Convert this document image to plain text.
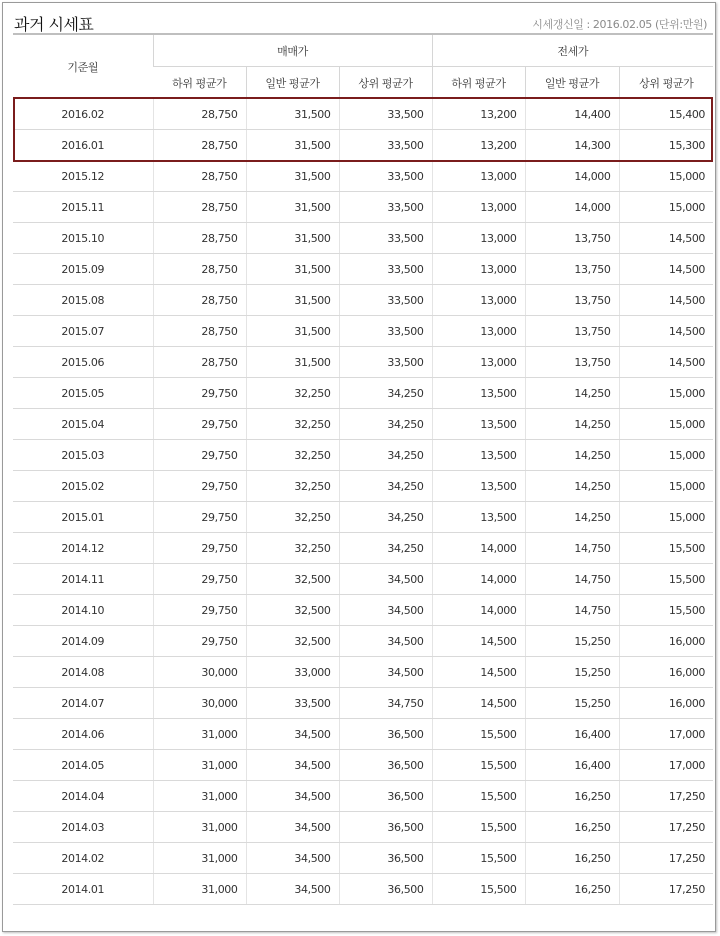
과거 시세표	시세갱신일 : 2016.02.05 (단위:만원)
기준월	매매가			전세가		
	하위 평균가	일반 평균가	상위 평균가	하위 평균가	일반 평균가	상위 평균가
2016.02	28,750	31,500	33,500	13,200	14,400	15,400
2016.01	28,750	31,500	33,500	13,200	14,300	15,300
2015.12	28,750	31,500	33,500	13,000	14,000	15,000
2015.11	28,750	31,500	33,500	13,000	14,000	15,000
2015.10	28,750	31,500	33,500	13,000	13,750	14,500
2015.09	28,750	31,500	33,500	13,000	13,750	14,500
2015.08	28,750	31,500	33,500	13,000	13,750	14,500
2015.07	28,750	31,500	33,500	13,000	13,750	14,500
2015.06	28,750	31,500	33,500	13,000	13,750	14,500
2015.05	29,750	32,250	34,250	13,500	14,250	15,000
2015.04	29,750	32,250	34,250	13,500	14,250	15,000
2015.03	29,750	32,250	34,250	13,500	14,250	15,000
2015.02	29,750	32,250	34,250	13,500	14,250	15,000
2015.01	29,750	32,250	34,250	13,500	14,250	15,000
2014.12	29,750	32,250	34,250	14,000	14,750	15,500
2014.11	29,750	32,500	34,500	14,000	14,750	15,500
2014.10	29,750	32,500	34,500	14,000	14,750	15,500
2014.09	29,750	32,500	34,500	14,500	15,250	16,000
2014.08	30,000	33,000	34,500	14,500	15,250	16,000
2014.07	30,000	33,500	34,750	14,500	15,250	16,000
2014.06	31,000	34,500	36,500	15,500	16,400	17,000
2014.05	31,000	34,500	36,500	15,500	16,400	17,000
2014.04	31,000	34,500	36,500	15,500	16,250	17,250
2014.03	31,000	34,500	36,500	15,500	16,250	17,250
2014.02	31,000	34,500	36,500	15,500	16,250	17,250
2014.01	31,000	34,500	36,500	15,500	16,250	17,250
